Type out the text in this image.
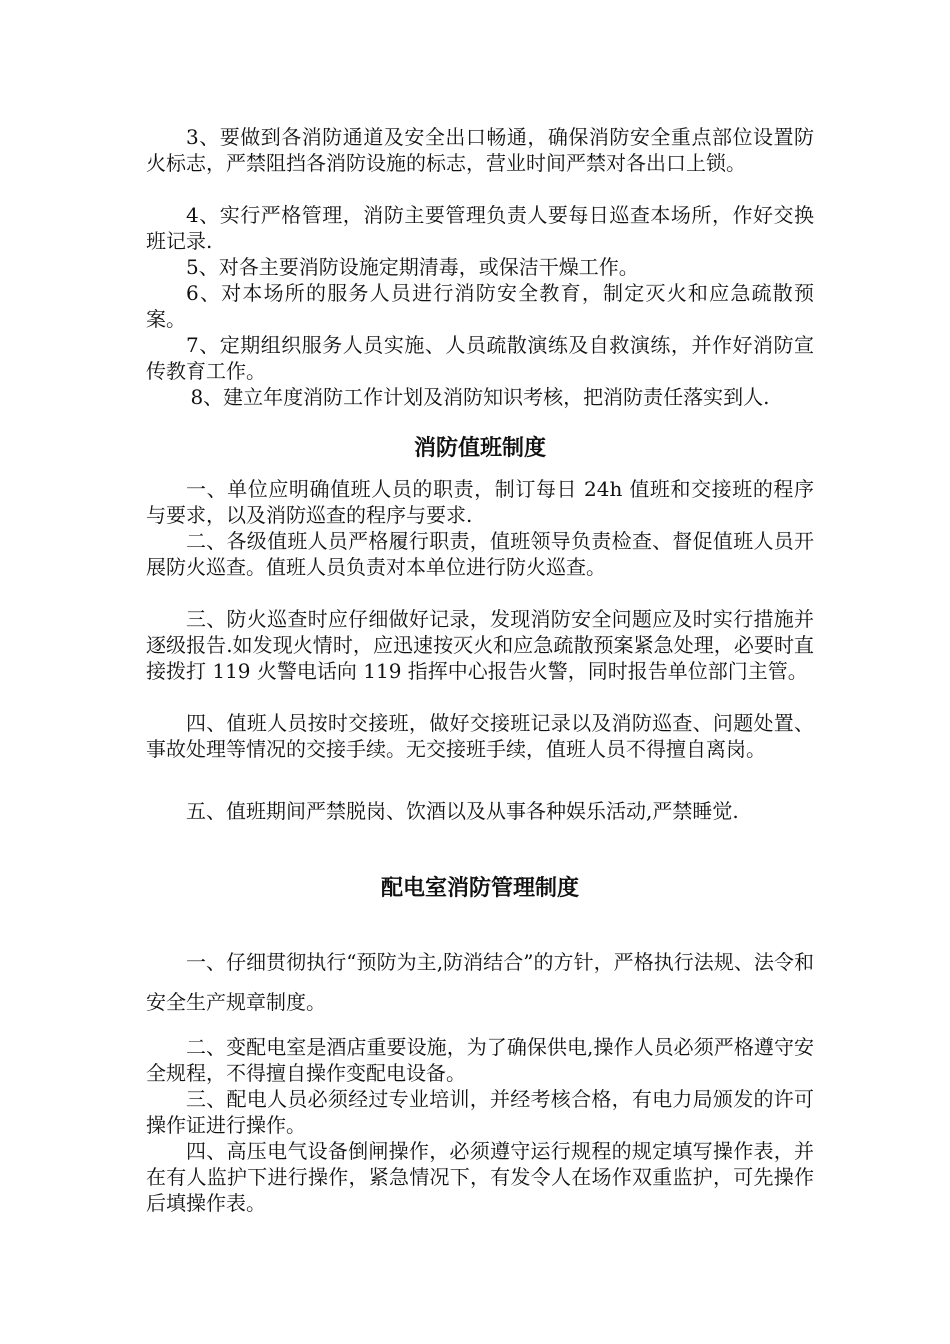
3、要做到各消防通道及安全出口畅通，确保消防安全重点部位设置防火标志，严禁阻挡各消防设施的标志，营业时间严禁对各出口上锁。

4、实行严格管理，消防主要管理负责人要每日巡查本场所，作好交换班记录.

5、对各主要消防设施定期清毒，或保洁干燥工作。

6、对本场所的服务人员进行消防安全教育，制定灭火和应急疏散预案。

7、定期组织服务人员实施、人员疏散演练及自救演练，并作好消防宣传教育工作。

8、建立年度消防工作计划及消防知识考核，把消防责任落实到人.

消防值班制度

一、单位应明确值班人员的职责，制订每日 24h 值班和交接班的程序与要求，以及消防巡查的程序与要求.

二、各级值班人员严格履行职责，值班领导负责检查、督促值班人员开展防火巡查。值班人员负责对本单位进行防火巡查。

三、防火巡查时应仔细做好记录，发现消防安全问题应及时实行措施并逐级报告.如发现火情时，应迅速按灭火和应急疏散预案紧急处理，必要时直接拨打 119 火警电话向 119 指挥中心报告火警，同时报告单位部门主管。

四、值班人员按时交接班，做好交接班记录以及消防巡查、问题处置、事故处理等情况的交接手续。无交接班手续，值班人员不得擅自离岗。

五、值班期间严禁脱岗、饮酒以及从事各种娱乐活动,严禁睡觉.

配电室消防管理制度

一、仔细贯彻执行“预防为主,防消结合”的方针，严格执行法规、法令和安全生产规章制度。

二、变配电室是酒店重要设施，为了确保供电,操作人员必须严格遵守安全规程，不得擅自操作变配电设备。

三、配电人员必须经过专业培训，并经考核合格，有电力局颁发的许可操作证进行操作。

四、高压电气设备倒闸操作，必须遵守运行规程的规定填写操作表，并在有人监护下进行操作，紧急情况下，有发令人在场作双重监护，可先操作后填操作表。
